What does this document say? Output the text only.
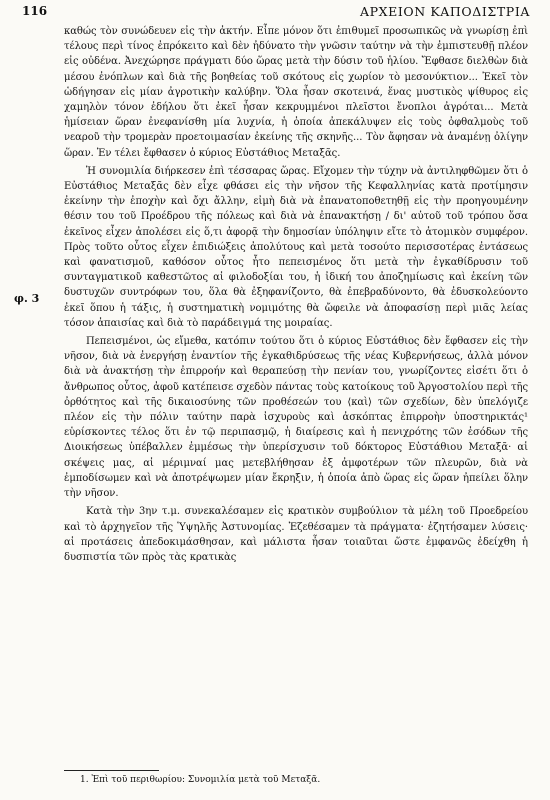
116	ΑΡΧΕΙΟΝ ΚΑΠΟΔΙΣΤΡΙΑ

καθώς τὸν συνώδευεν εἰς τὴν ἀκτήν. Εἶπε μόνον ὅτι ἐπιθυμεῖ προσωπικῶς νὰ γνωρίσῃ ἐπὶ τέλους περὶ τίνος ἐπρόκειτο καὶ δὲν ἠδύνατο τὴν γνῶσιν ταύτην νὰ τὴν ἐμπιστευθῇ πλέον εἰς οὐδένα. Ἀνεχώρησε πράγματι δύο ὥρας μετὰ τὴν δύσιν τοῦ ἡλίου. Ἔφθασε διελθὼν διὰ μέσου ἐνόπλων καὶ διὰ τῆς βοηθείας τοῦ σκότους εἰς χωρίον τὸ μεσονύκτιον... Ἐκεῖ τὸν ὡδήγησαν εἰς μίαν ἀγροτικὴν καλύβην. Ὅλα ἦσαν σκοτεινά, ἕνας μυστικὸς ψίθυρος εἰς χαμηλὸν τόνον ἐδήλου ὅτι ἐκεῖ ἦσαν κεκρυμμένοι πλεῖστοι ἔνοπλοι ἀγρόται... Μετὰ ἡμίσειαν ὥραν ἐνεφανίσθη μία λυχνία, ἡ ὁποία ἀπεκάλυψεν εἰς τοὺς ὀφθαλμοὺς τοῦ νεαροῦ τὴν τρομερὰν προετοιμασίαν ἐκείνης τῆς σκηνῆς... Τὸν ἄφησαν νὰ ἀναμένῃ ὀλίγην ὥραν. Ἐν τέλει ἔφθασεν ὁ κύριος Εὐστάθιος Μεταξᾶς.

Ἡ συνομιλία διήρκεσεν ἐπὶ τέσσαρας ὥρας. Εἴχομεν τὴν τύχην νὰ ἀντιληφθῶμεν ὅτι ὁ Εὐστάθιος Μεταξᾶς δὲν εἶχε φθάσει εἰς τὴν νῆσον τῆς Κεφαλληνίας κατὰ προτίμησιν ἐκείνην τὴν ἐποχὴν καὶ ὄχι ἄλλην, εἰμὴ διὰ νὰ ἐπανατοποθετηθῇ εἰς τὴν προηγουμένην θέσιν του τοῦ Προέδρου τῆς πόλεως καὶ διὰ νὰ ἐπανακτήσῃ / δι' αὐτοῦ τοῦ τρόπου ὅσα ἐκεῖνος εἶχεν ἀπολέσει εἰς ὅ,τι ἀφορᾷ τὴν δημοσίαν ὑπόληψιν εἴτε τὸ ἀτομικὸν συμφέρον. Πρὸς τοῦτο οὗτος εἶχεν ἐπιδιώξεις ἀπολύτους καὶ μετὰ τοσούτο περισσοτέρας ἐντάσεως καὶ φανατισμοῦ, καθόσον οὗτος ἦτο πεπεισμένος ὅτι μετὰ τὴν ἐγκαθίδρυσιν τοῦ συνταγματικοῦ καθεστῶτος αἱ φιλοδοξίαι του, ἡ ἰδική του ἀποζημίωσις καὶ ἐκείνη τῶν δυστυχῶν συντρόφων του, ὅλα θὰ ἐξηφανίζοντο, θὰ ἐπεβραδύνοντο, θὰ ἐδυσκολεύοντο ἐκεῖ ὅπου ἡ τάξις, ἡ συστηματικὴ νομιμότης θὰ ὤφειλε νὰ ἀποφασίσῃ περὶ μιᾶς λείας τόσον ἀπαισίας καὶ διὰ τὸ παράδειγμά της μοιραίας.

Πεπεισμένοι, ὡς εἴμεθα, κατόπιν τούτου ὅτι ὁ κύριος Εὐστάθιος δὲν ἔφθασεν εἰς τὴν νῆσον, διὰ νὰ ἐνεργήσῃ ἐναντίον τῆς ἐγκαθιδρύσεως τῆς νέας Κυβερνήσεως, ἀλλὰ μόνον διὰ νὰ ἀνακτήσῃ τὴν ἐπιρροήν καὶ θεραπεύσῃ τὴν πενίαν του, γνωρίζοντες εἰσέτι ὅτι ὁ ἄνθρωπος οὗτος, ἀφοῦ κατέπεισε σχεδὸν πάντας τοὺς κατοίκους τοῦ Ἀργοστολίου περὶ τῆς ὀρθότητος καὶ τῆς δικαιοσύνης τῶν προθέσεών του ⟨καὶ⟩ τῶν σχεδίων, δὲν ὑπελόγιζε πλέον εἰς τὴν πόλιν ταύτην παρὰ ἰσχυροὺς καὶ ἀσκόπτας ἐπιρροὴν ὑποστηρικτάς¹ εὑρίσκοντες τέλος ὅτι ἐν τῷ περιπασμῷ, ἡ διαίρεσις καὶ ἡ πενιχρότης τῶν ἐσόδων τῆς Διοικήσεως ὑπέβαλλεν ἐμμέσως τὴν ὑπερίσχυσιν τοῦ δόκτορος Εὐστάθιου Μεταξᾶ· αἱ σκέψεις μας, αἱ μέριμναί μας μετεβλήθησαν ἐξ ἀμφοτέρων τῶν πλευρῶν, διὰ νὰ ἐμποδίσωμεν καὶ νὰ ἀποτρέψωμεν μίαν ἔκρηξιν, ἡ ὁποία ἀπὸ ὥρας εἰς ὥραν ἠπείλει ὅλην τὴν νῆσον.

Κατὰ τὴν 3ην τ.μ. συνεκαλέσαμεν εἰς κρατικὸν συμβούλιον τὰ μέλη τοῦ Προεδρείου καὶ τὸ ἀρχηγεῖον τῆς Ὑψηλῆς Ἀστυνομίας. Ἐζεθέσαμεν τὰ πράγματα· ἐζητήσαμεν λύσεις· αἱ προτάσεις ἀπεδοκιμάσθησαν, καὶ μάλιστα ἦσαν τοιαῦται ὥστε ἐμφανῶς ἐδείχθη ἡ δυσπιστία τῶν πρὸς τὰς κρατικὰς

φ. 3
1. Ἐπὶ τοῦ περιθωρίου: Συνομιλία μετὰ τοῦ Μεταξᾶ.
